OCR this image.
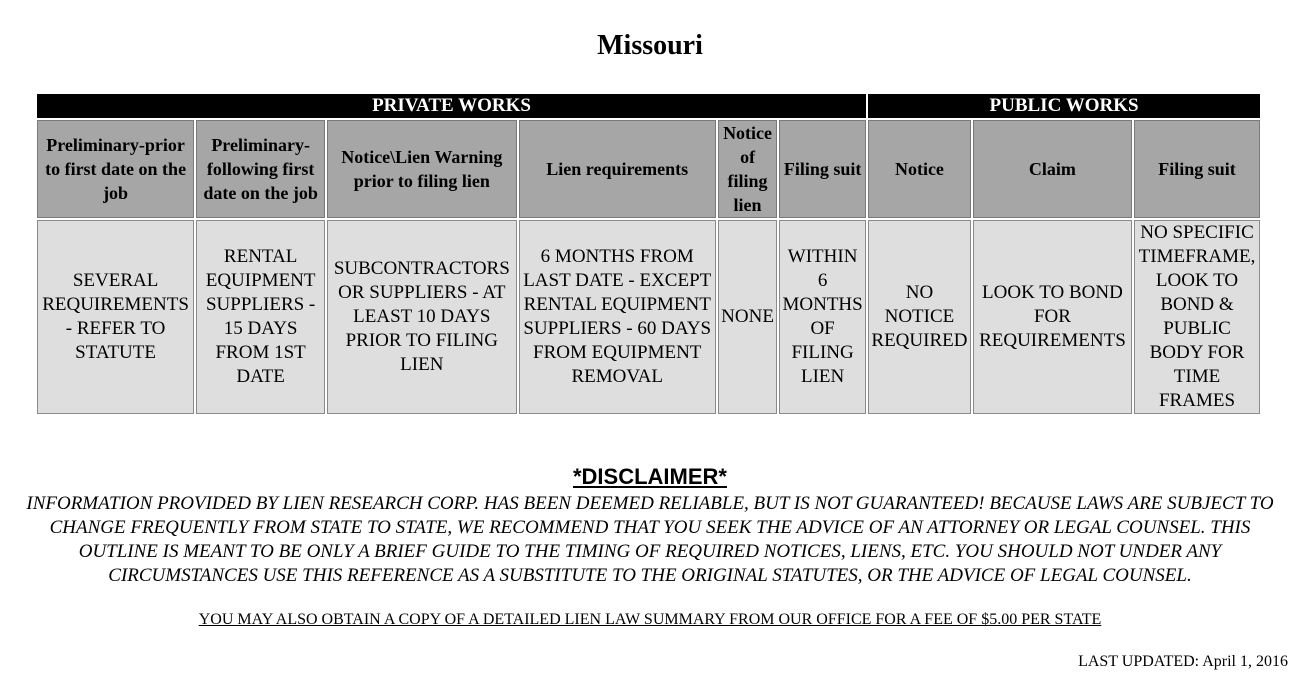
Missouri
PRIVATE WORKS						PUBLIC WORKS		
Preliminary-prior to first date on the job	Preliminary-following first date on the job	Notice\Lien Warning prior to filing lien	Lien requirements	Notice of filing lien	Filing suit	Notice	Claim	Filing suit
SEVERAL REQUIREMENTS - REFER TO STATUTE	RENTAL EQUIPMENT SUPPLIERS - 15 DAYS FROM 1ST DATE	SUBCONTRACTORS OR SUPPLIERS - AT LEAST 10 DAYS PRIOR TO FILING LIEN	6 MONTHS FROM LAST DATE - EXCEPT RENTAL EQUIPMENT SUPPLIERS - 60 DAYS FROM EQUIPMENT REMOVAL	NONE	WITHIN 6 MONTHS OF FILING LIEN	NO NOTICE REQUIRED	LOOK TO BOND FOR REQUIREMENTS	NO SPECIFIC TIMEFRAME, LOOK TO BOND & PUBLIC BODY FOR TIME FRAMES
*DISCLAIMER*
INFORMATION PROVIDED BY LIEN RESEARCH CORP. HAS BEEN DEEMED RELIABLE, BUT IS NOT GUARANTEED! BECAUSE LAWS ARE SUBJECT TO CHANGE FREQUENTLY FROM STATE TO STATE, WE RECOMMEND THAT YOU SEEK THE ADVICE OF AN ATTORNEY OR LEGAL COUNSEL. THIS OUTLINE IS MEANT TO BE ONLY A BRIEF GUIDE TO THE TIMING OF REQUIRED NOTICES, LIENS, ETC. YOU SHOULD NOT UNDER ANY CIRCUMSTANCES USE THIS REFERENCE AS A SUBSTITUTE TO THE ORIGINAL STATUTES, OR THE ADVICE OF LEGAL COUNSEL.
YOU MAY ALSO OBTAIN A COPY OF A DETAILED LIEN LAW SUMMARY FROM OUR OFFICE FOR A FEE OF $5.00 PER STATE
LAST UPDATED: April 1, 2016
